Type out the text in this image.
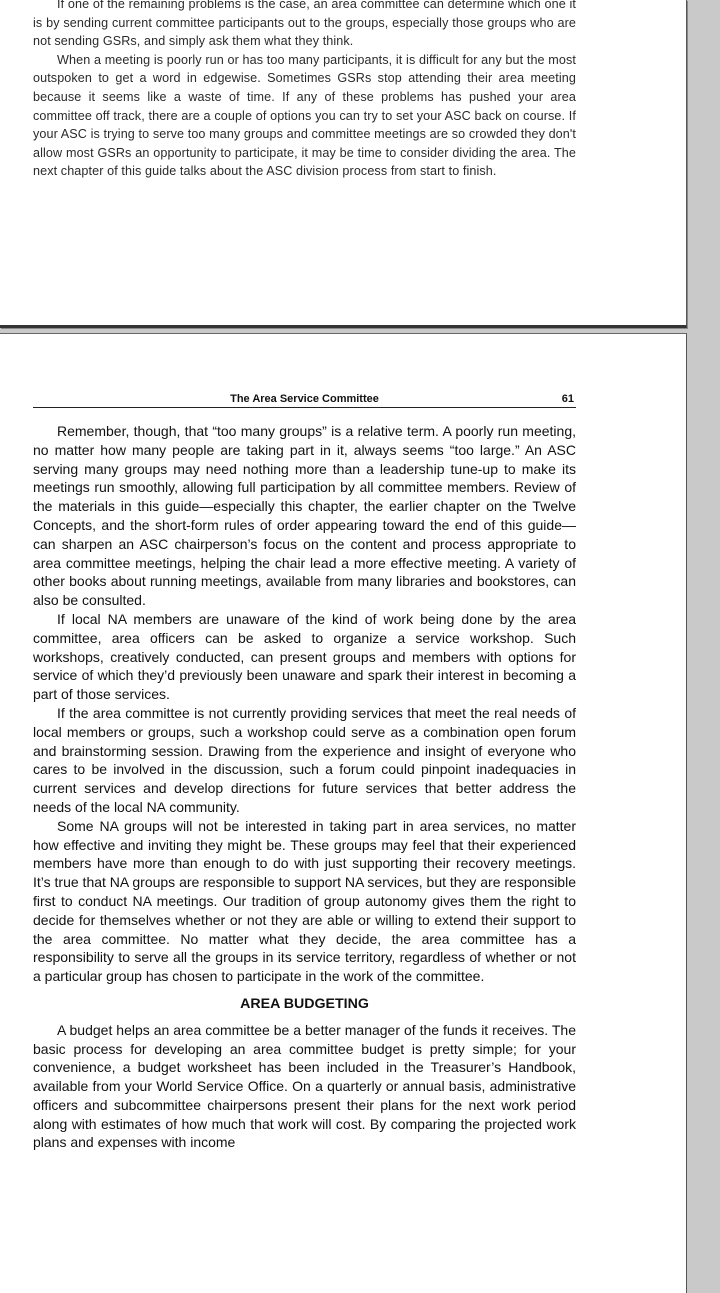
If one of the remaining problems is the case, an area committee can determine which one it is by sending current committee participants out to the groups, especially those groups who are not sending GSRs, and simply ask them what they think.

When a meeting is poorly run or has too many participants, it is difficult for any but the most outspoken to get a word in edgewise. Sometimes GSRs stop attending their area meeting because it seems like a waste of time. If any of these problems has pushed your area committee off track, there are a couple of options you can try to set your ASC back on course. If your ASC is trying to serve too many groups and committee meetings are so crowded they don't allow most GSRs an opportunity to participate, it may be time to consider dividing the area. The next chapter of this guide talks about the ASC division process from start to finish.

The Area Service Committee	61

Remember, though, that “too many groups” is a relative term. A poorly run meeting, no matter how many people are taking part in it, always seems “too large.” An ASC serving many groups may need nothing more than a leadership tune-up to make its meetings run smoothly, allowing full participation by all committee members. Review of the materials in this guide—especially this chapter, the earlier chapter on the Twelve Concepts, and the short-form rules of order appearing toward the end of this guide—can sharpen an ASC chairperson’s focus on the content and process appropriate to area committee meetings, helping the chair lead a more effective meeting. A variety of other books about running meetings, available from many libraries and bookstores, can also be consulted.

If local NA members are unaware of the kind of work being done by the area committee, area officers can be asked to organize a service workshop. Such workshops, creatively conducted, can present groups and members with options for service of which they’d previously been unaware and spark their interest in becoming a part of those services.

If the area committee is not currently providing services that meet the real needs of local members or groups, such a workshop could serve as a combination open forum and brainstorming session. Drawing from the experience and insight of everyone who cares to be involved in the discussion, such a forum could pinpoint inadequacies in current services and develop directions for future services that better address the needs of the local NA community.

Some NA groups will not be interested in taking part in area services, no matter how effective and inviting they might be. These groups may feel that their experienced members have more than enough to do with just supporting their recovery meetings. It’s true that NA groups are responsible to support NA services, but they are responsible first to conduct NA meetings. Our tradition of group autonomy gives them the right to decide for themselves whether or not they are able or willing to extend their support to the area committee. No matter what they decide, the area committee has a responsibility to serve all the groups in its service territory, regardless of whether or not a particular group has chosen to participate in the work of the committee.

AREA BUDGETING

A budget helps an area committee be a better manager of the funds it receives. The basic process for developing an area committee budget is pretty simple; for your convenience, a budget worksheet has been included in the Treasurer’s Handbook, available from your World Service Office. On a quarterly or annual basis, administrative officers and subcommittee chairpersons present their plans for the next work period along with estimates of how much that work will cost. By comparing the projected work plans and expenses with income
